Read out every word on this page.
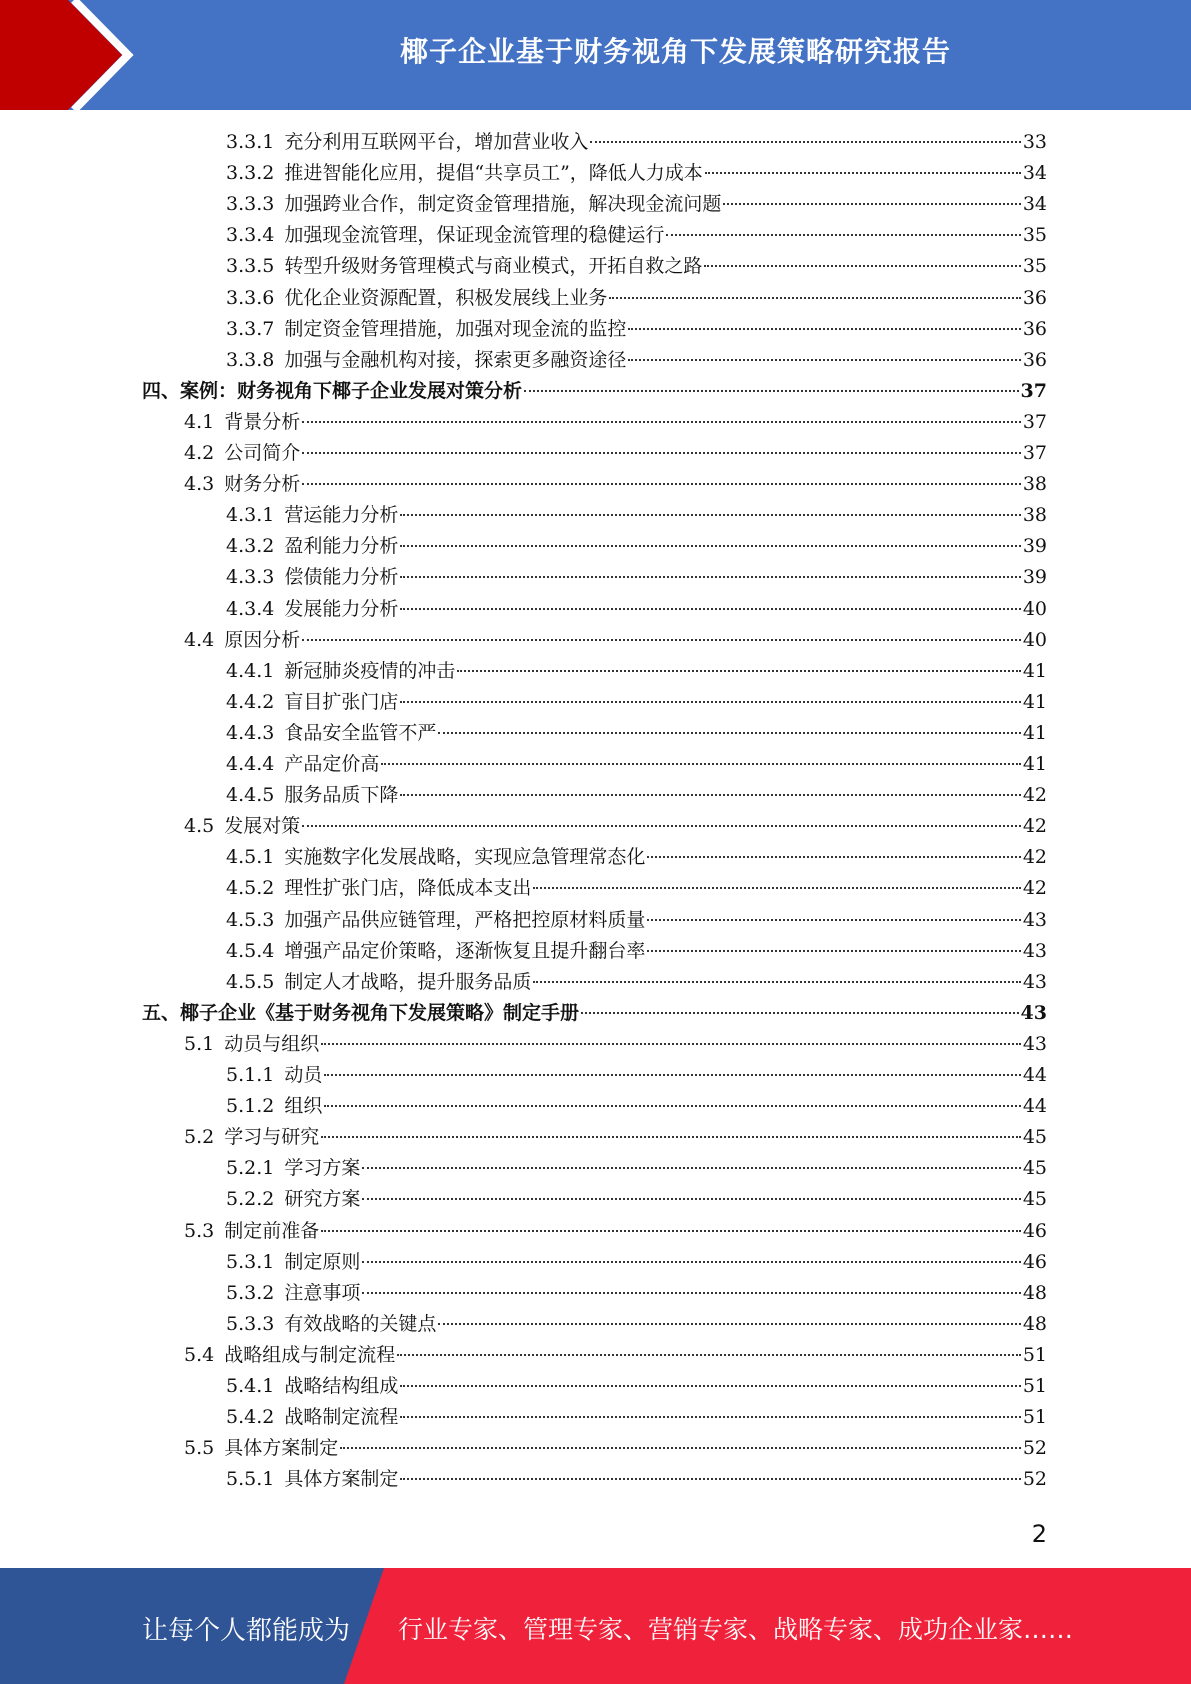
椰子企业基于财务视角下发展策略研究报告
3.3.1 充分利用互联网平台，增加营业收入	33
3.3.2 推进智能化应用，提倡“共享员工”，降低人力成本	34
3.3.3 加强跨业合作，制定资金管理措施，解决现金流问题	34
3.3.4 加强现金流管理，保证现金流管理的稳健运行	35
3.3.5 转型升级财务管理模式与商业模式，开拓自救之路	35
3.3.6 优化企业资源配置，积极发展线上业务	36
3.3.7 制定资金管理措施，加强对现金流的监控	36
3.3.8 加强与金融机构对接，探索更多融资途径	36
四、 案例：财务视角下椰子企业发展对策分析	37
4.1 背景分析	37
4.2 公司简介	37
4.3 财务分析	38
4.3.1 营运能力分析	38
4.3.2 盈利能力分析	39
4.3.3 偿债能力分析	39
4.3.4 发展能力分析	40
4.4 原因分析	40
4.4.1 新冠肺炎疫情的冲击	41
4.4.2 盲目扩张门店	41
4.4.3 食品安全监管不严	41
4.4.4 产品定价高	41
4.4.5 服务品质下降	42
4.5 发展对策	42
4.5.1 实施数字化发展战略，实现应急管理常态化	42
4.5.2 理性扩张门店，降低成本支出	42
4.5.3 加强产品供应链管理，严格把控原材料质量	43
4.5.4 增强产品定价策略，逐渐恢复且提升翻台率	43
4.5.5 制定人才战略，提升服务品质	43
五、 椰子企业《基于财务视角下发展策略》制定手册	43
5.1 动员与组织	43
5.1.1 动员	44
5.1.2 组织	44
5.2 学习与研究	45
5.2.1 学习方案	45
5.2.2 研究方案	45
5.3 制定前准备	46
5.3.1 制定原则	46
5.3.2 注意事项	48
5.3.3 有效战略的关键点	48
5.4 战略组成与制定流程	51
5.4.1 战略结构组成	51
5.4.2 战略制定流程	51
5.5 具体方案制定	52
5.5.1 具体方案制定	52
2
让每个人都能成为 行业专家、管理专家、营销专家、战略专家、成功企业家……
